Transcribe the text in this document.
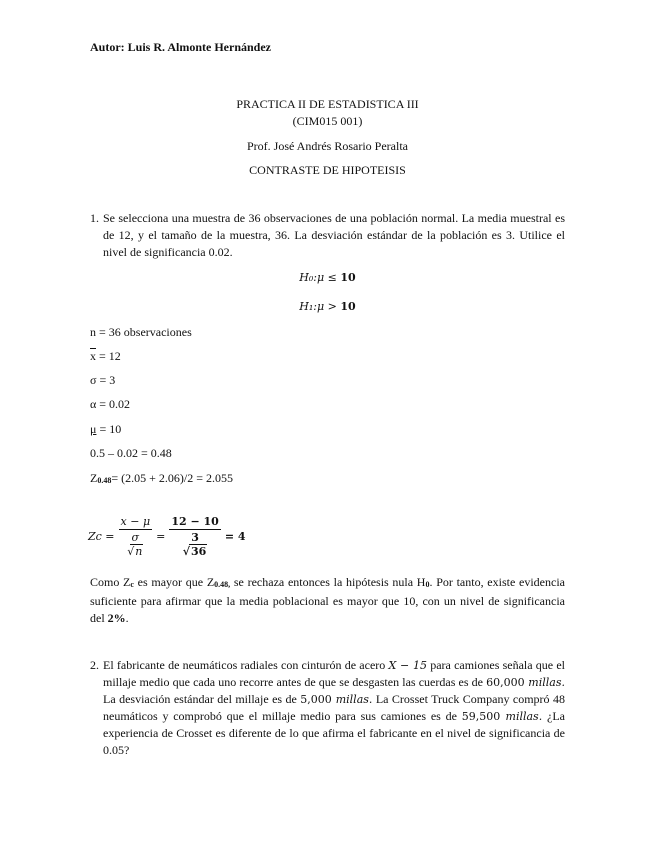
Autor: Luis R. Almonte Hernández
PRACTICA II DE ESTADISTICA III
(CIM015 001)
Prof. José Andrés Rosario Peralta
CONTRASTE DE HIPOTEISIS
1. Se selecciona una muestra de 36 observaciones de una población normal. La media muestral es de 12, y el tamaño de la muestra, 36. La desviación estándar de la población es 3. Utilice el nivel de significancia 0.02.
H₀:μ ≤ 10
H₁:μ > 10
n = 36 observaciones
$\overline{x} = 12$
σ = 3
α = 0.02
μ = 10
0.5 – 0.02 = 0.48
Z0.48= (2.05 + 2.06)/2 = 2.055
$Zc = \frac{x - \mu}{\frac{\sigma}{√n}} = \frac{12 - 10}{\frac{3}{√36}} = 4$
Como Zc es mayor que Z0.48, se rechaza entonces la hipótesis nula H0. Por tanto, existe evidencia suficiente para afirmar que la media poblacional es mayor que 10, con un nivel de significancia del 2%.
2. El fabricante de neumáticos radiales con cinturón de acero X − 15 para camiones señala que el millaje medio que cada uno recorre antes de que se desgasten las cuerdas es de 60,000 millas. La desviación estándar del millaje es de 5,000 millas. La Crosset Truck Company compró 48 neumáticos y comprobó que el millaje medio para sus camiones es de 59,500 millas. ¿La experiencia de Crosset es diferente de lo que afirma el fabricante en el nivel de significancia de 0.05?
